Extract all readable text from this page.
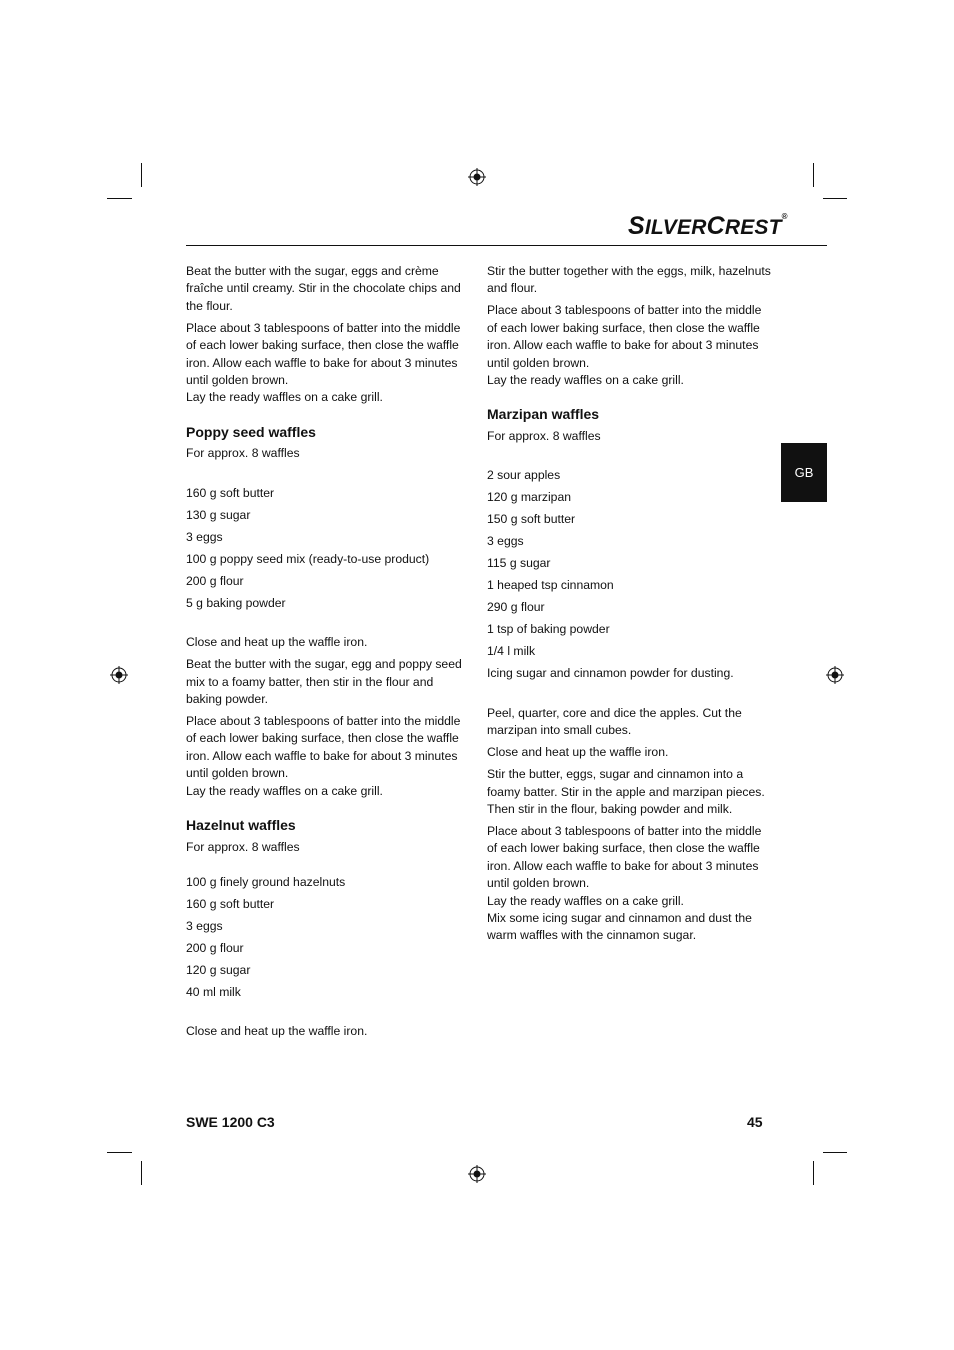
SILVERCREST®

Beat the butter with the sugar, eggs and crème fraîche until creamy. Stir in the chocolate chips and the flour.

Place about 3 tablespoons of batter into the middle of each lower baking surface, then close the waffle iron. Allow each waffle to bake for about 3 minutes until golden brown.

Lay the ready waffles on a cake grill.

Poppy seed waffles

For approx. 8 waffles

160 g soft butter

130 g sugar

3 eggs

100 g poppy seed mix (ready-to-use product)

200 g flour

5 g baking powder

Close and heat up the waffle iron.

Beat the butter with the sugar, egg and poppy seed mix to a foamy batter, then stir in the flour and baking powder.

Place about 3 tablespoons of batter into the middle of each lower baking surface, then close the waffle iron. Allow each waffle to bake for about 3 minutes until golden brown.

Lay the ready waffles on a cake grill.

Hazelnut waffles

For approx. 8 waffles

100 g finely ground hazelnuts

160 g soft butter

3 eggs

200 g flour

120 g sugar

40 ml milk

Close and heat up the waffle iron.

Stir the butter together with the eggs, milk, hazelnuts and flour.

Place about 3 tablespoons of batter into the middle of each lower baking surface, then close the waffle iron. Allow each waffle to bake for about 3 minutes until golden brown.

Lay the ready waffles on a cake grill.

Marzipan waffles

For approx. 8 waffles

2 sour apples

120 g marzipan

150 g soft butter

3 eggs

115 g sugar

1 heaped tsp cinnamon

290 g flour

1 tsp of baking powder

1/4 l milk

Icing sugar and cinnamon powder for dusting.

Peel, quarter, core and dice the apples. Cut the marzipan into small cubes.

Close and heat up the waffle iron.

Stir the butter, eggs, sugar and cinnamon into a foamy batter. Stir in the apple and marzipan pieces. Then stir in the flour, baking powder and milk.

Place about 3 tablespoons of batter into the middle of each lower baking surface, then close the waffle iron. Allow each waffle to bake for about 3 minutes until golden brown.

Lay the ready waffles on a cake grill.

Mix some icing sugar and cinnamon and dust the warm waffles with the cinnamon sugar.

GB
SWE 1200 C3	45
